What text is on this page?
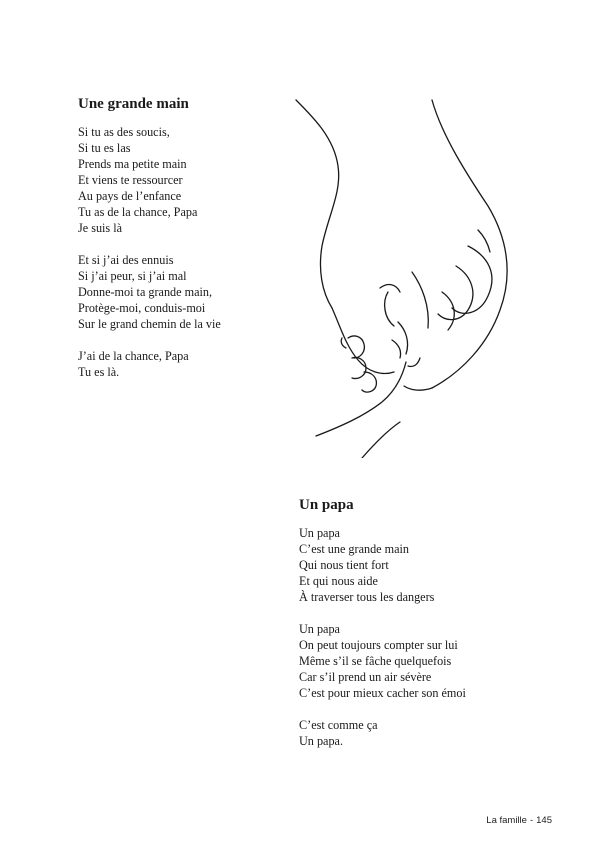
Une grande main
Si tu as des soucis,
Si tu es las
Prends ma petite main
Et viens te ressourcer
Au pays de l’enfance
Tu as de la chance, Papa
Je suis là
Et si j’ai des ennuis
Si j’ai peur, si j’ai mal
Donne-moi ta grande main,
Protège-moi, conduis-moi
Sur le grand chemin de la vie
J’ai de la chance, Papa
Tu es là.
Un papa
Un papa
C’est une grande main
Qui nous tient fort
Et qui nous aide
À traverser tous les dangers
Un papa
On peut toujours compter sur lui
Même s’il se fâche quelquefois
Car s’il prend un air sévère
C’est pour mieux cacher son émoi
C’est comme ça
Un papa.
La famille - 145
